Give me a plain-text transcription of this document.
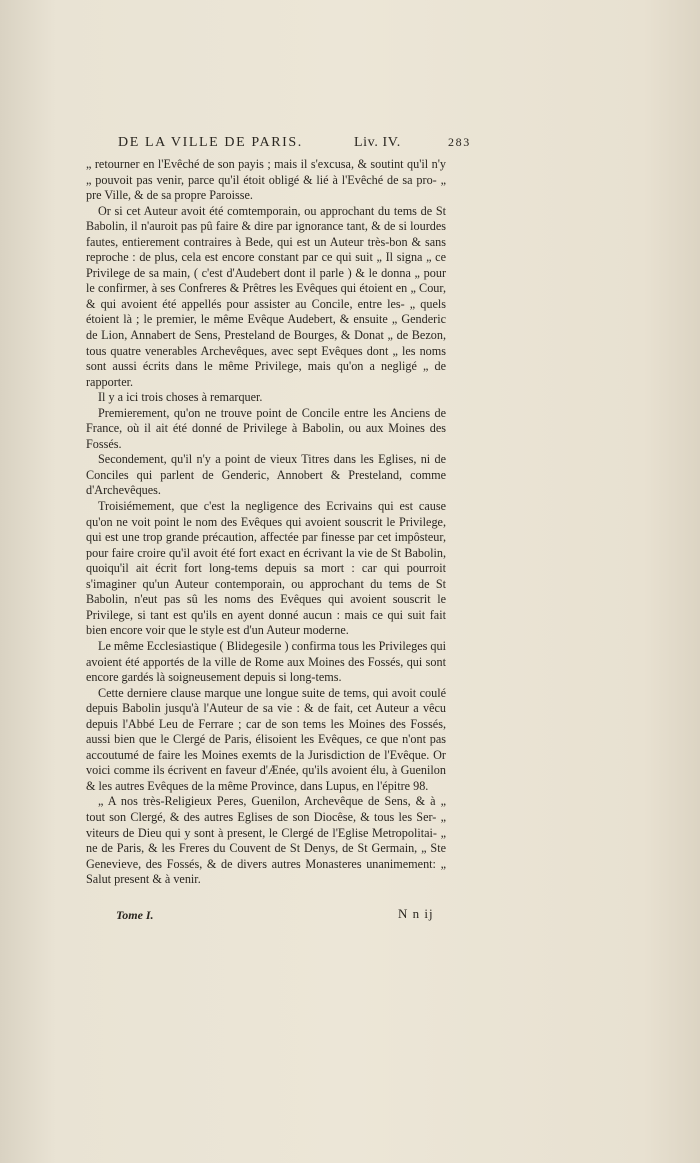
DE LA VILLE DE PARIS.	Liv. IV.	283

„ retourner en l'Evêché de son payis ; mais il s'excusa, & soutint qu'il n'y „ pouvoit pas venir, parce qu'il étoit obligé & lié à l'Evêché de sa pro- „ pre Ville, & de sa propre Paroisse.

Or si cet Auteur avoit été comtemporain, ou approchant du tems de St Babolin, il n'auroit pas pû faire & dire par ignorance tant, & de si lourdes fautes, entierement contraires à Bede, qui est un Auteur très-bon & sans reproche : de plus, cela est encore constant par ce qui suit „ Il signa „ ce Privilege de sa main, ( c'est d'Audebert dont il parle ) & le donna „ pour le confirmer, à ses Confreres & Prêtres les Evêques qui étoient en „ Cour, & qui avoient été appellés pour assister au Concile, entre les- „ quels étoient là ; le premier, le même Evêque Audebert, & ensuite „ Genderic de Lion, Annabert de Sens, Presteland de Bourges, & Donat „ de Bezon, tous quatre venerables Archevêques, avec sept Evêques dont „ les noms sont aussi écrits dans le même Privilege, mais qu'on a negligé „ de rapporter.

Il y a ici trois choses à remarquer.

Premierement, qu'on ne trouve point de Concile entre les Anciens de France, où il ait été donné de Privilege à Babolin, ou aux Moines des Fossés.

Secondement, qu'il n'y a point de vieux Titres dans les Eglises, ni de Conciles qui parlent de Genderic, Annobert & Presteland, comme d'Archevêques.

Troisiémement, que c'est la negligence des Ecrivains qui est cause qu'on ne voit point le nom des Evêques qui avoient souscrit le Privilege, qui est une trop grande précaution, affectée par finesse par cet impôsteur, pour faire croire qu'il avoit été fort exact en écrivant la vie de St Babolin, quoiqu'il ait écrit fort long-tems depuis sa mort : car qui pourroit s'imaginer qu'un Auteur contemporain, ou approchant du tems de St Babolin, n'eut pas sû les noms des Evêques qui avoient souscrit le Privilege, si tant est qu'ils en ayent donné aucun : mais ce qui suit fait bien encore voir que le style est d'un Auteur moderne.

Le même Ecclesiastique ( Blidegesile ) confirma tous les Privileges qui avoient été apportés de la ville de Rome aux Moines des Fossés, qui sont encore gardés là soigneusement depuis si long-tems.

Cette derniere clause marque une longue suite de tems, qui avoit coulé depuis Babolin jusqu'à l'Auteur de sa vie : & de fait, cet Auteur a vêcu depuis l'Abbé Leu de Ferrare ; car de son tems les Moines des Fossés, aussi bien que le Clergé de Paris, élisoient les Evêques, ce que n'ont pas accoutumé de faire les Moines exemts de la Jurisdiction de l'Evêque. Or voici comme ils écrivent en faveur d'Ænée, qu'ils avoient élu, à Guenilon & les autres Evêques de la même Province, dans Lupus, en l'épitre 98.

„ A nos très-Religieux Peres, Guenilon, Archevêque de Sens, & à „ tout son Clergé, & des autres Eglises de son Diocêse, & tous les Ser- „ viteurs de Dieu qui y sont à present, le Clergé de l'Eglise Metropolitai- „ ne de Paris, & les Freres du Couvent de St Denys, de St Germain, „ Ste Genevieve, des Fossés, & de divers autres Monasteres unanimement: „ Salut present & à venir.

Tome I.	N n ij
